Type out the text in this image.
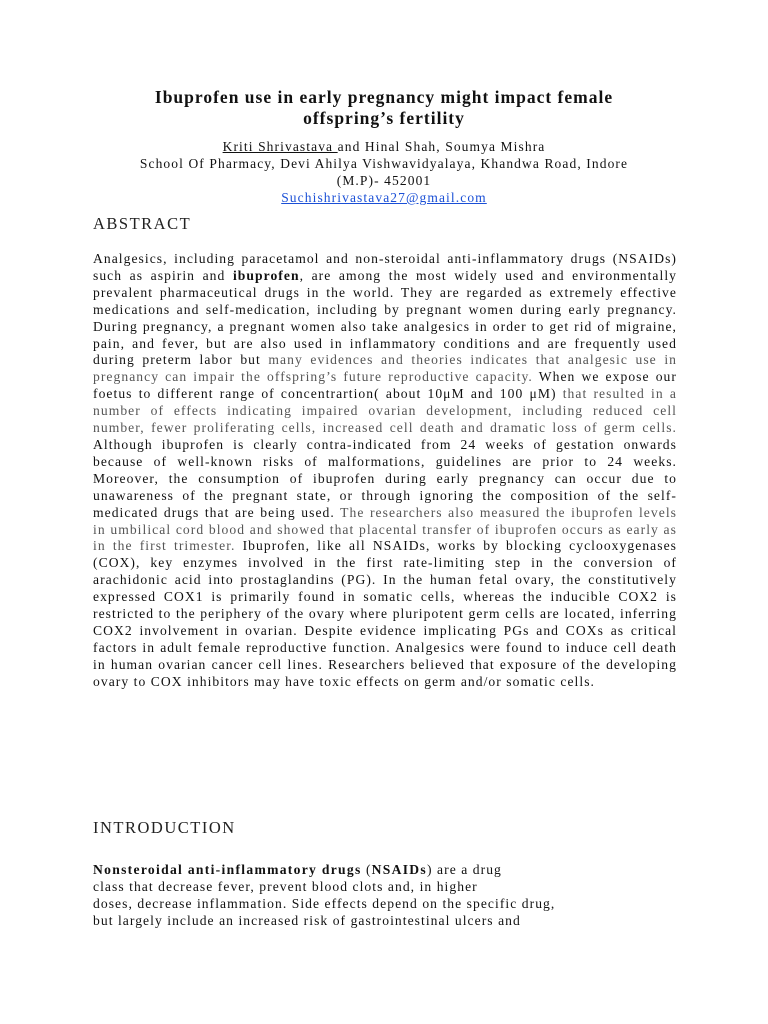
Ibuprofen use in early pregnancy might impact female
offspring’s fertility
Kriti Shrivastava and Hinal Shah, Soumya Mishra
School Of Pharmacy, Devi Ahilya Vishwavidyalaya, Khandwa Road, Indore
(M.P)- 452001
Suchishrivastava27@gmail.com
ABSTRACT
Analgesics, including paracetamol and non-steroidal anti-inflammatory drugs (NSAIDs) such as aspirin and ibuprofen, are among the most widely used and environmentally prevalent pharmaceutical drugs in the world. They are regarded as extremely effective medications and self-medication, including by pregnant women during early pregnancy. During pregnancy, a pregnant women also take analgesics in order to get rid of migraine, pain, and fever, but are also used in inflammatory conditions and are frequently used during preterm labor but many evidences and theories indicates that analgesic use in pregnancy can impair the offspring’s future reproductive capacity. When we expose our foetus to different range of concentrartion( about 10μM and 100 μM) that resulted in a number of effects indicating impaired ovarian development, including reduced cell number, fewer proliferating cells, increased cell death and dramatic loss of germ cells. Although ibuprofen is clearly contra-indicated from 24 weeks of gestation onwards because of well-known risks of malformations, guidelines are prior to 24 weeks. Moreover, the consumption of ibuprofen during early pregnancy can occur due to unawareness of the pregnant state, or through ignoring the composition of the self-medicated drugs that are being used. The researchers also measured the ibuprofen levels in umbilical cord blood and showed that placental transfer of ibuprofen occurs as early as in the first trimester. Ibuprofen, like all NSAIDs, works by blocking cyclooxygenases (COX), key enzymes involved in the first rate-limiting step in the conversion of arachidonic acid into prostaglandins (PG). In the human fetal ovary, the constitutively expressed COX1 is primarily found in somatic cells, whereas the inducible COX2 is restricted to the periphery of the ovary where pluripotent germ cells are located, inferring COX2 involvement in ovarian. Despite evidence implicating PGs and COXs as critical factors in adult female reproductive function. Analgesics were found to induce cell death in human ovarian cancer cell lines. Researchers believed that exposure of the developing ovary to COX inhibitors may have toxic effects on germ and/or somatic cells.
INTRODUCTION
Nonsteroidal anti-inflammatory drugs (NSAIDs) are a drug
class that decrease fever, prevent blood clots and, in higher
doses, decrease inflammation. Side effects depend on the specific drug,
but largely include an increased risk of gastrointestinal ulcers and
